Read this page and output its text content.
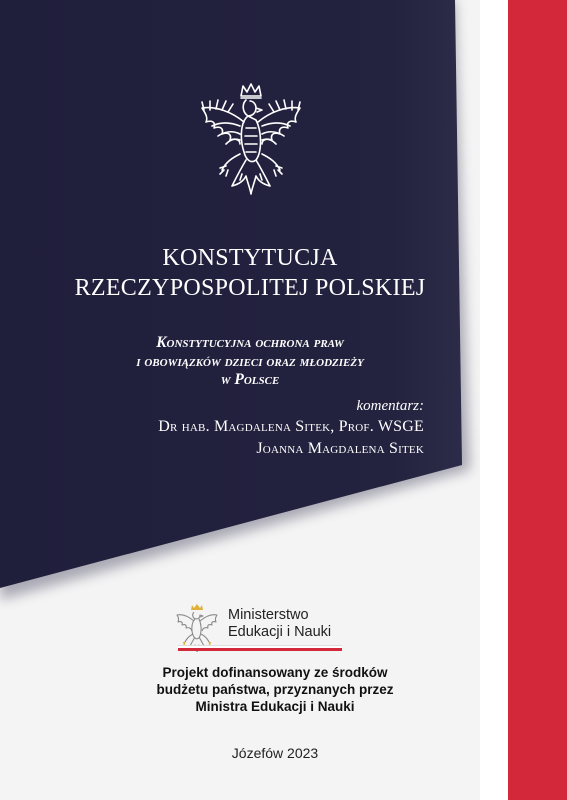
KONSTYTUCJA
RZECZYPOSPOLITEJ POLSKIEJ
Konstytucyjna ochrona praw
i obowiązków dzieci oraz młodzieży
w Polsce
komentarz:
Dr hab. Magdalena Sitek, Prof. WSGE
Joanna Magdalena Sitek
Ministerstwo
Edukacji i Nauki
Projekt dofinansowany ze środków
budżetu państwa, przyznanych przez
Ministra Edukacji i Nauki
Józefów 2023
